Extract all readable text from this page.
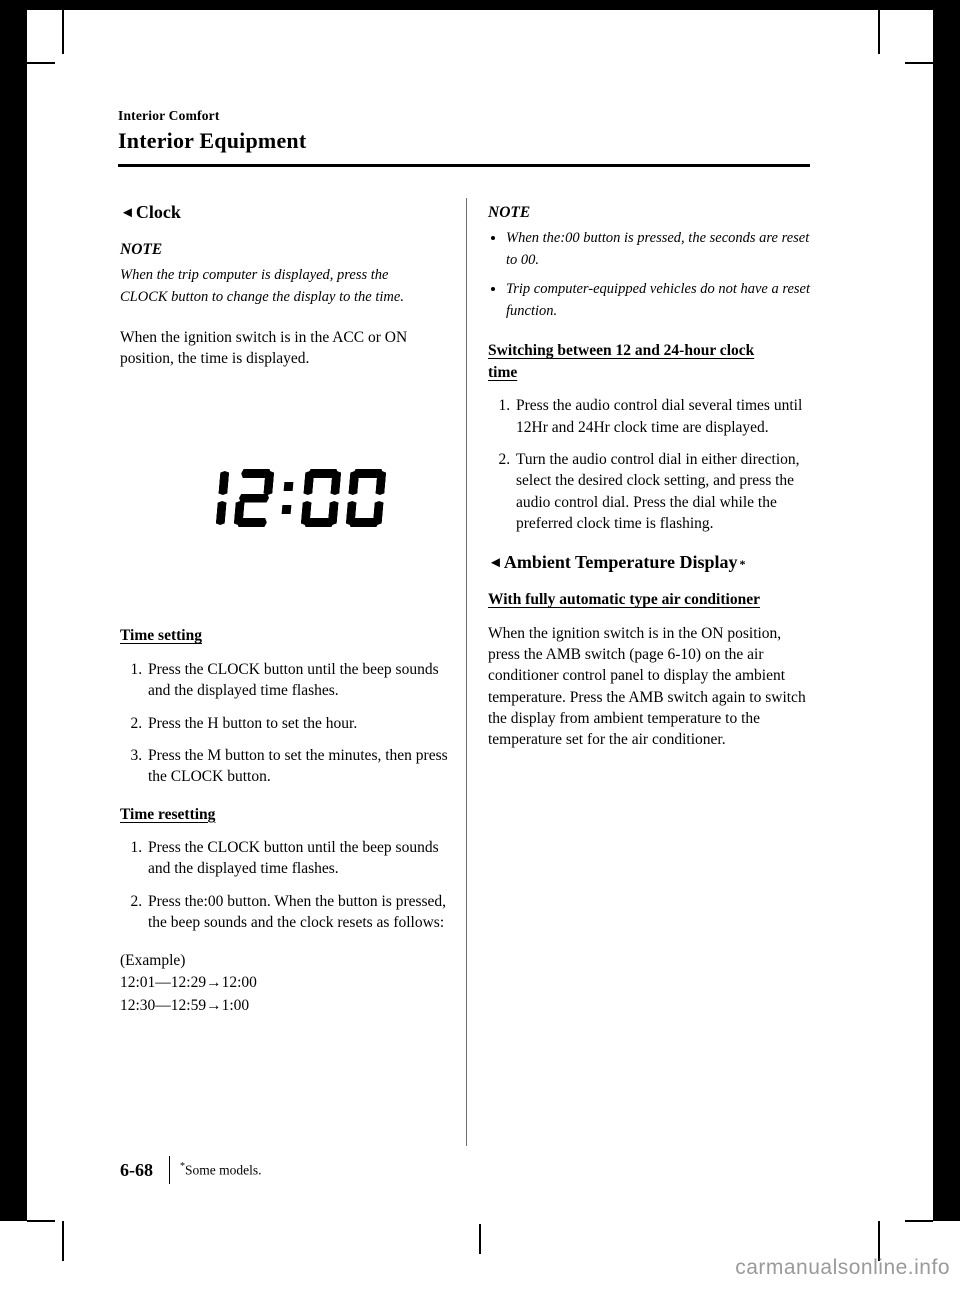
Interior Comfort
Interior Equipment
◄ Clock
NOTE

When the trip computer is displayed, press the CLOCK button to change the display to the time.

When the ignition switch is in the ACC or ON position, the time is displayed.

Time setting
1. Press the CLOCK button until the beep sounds and the displayed time flashes.
2. Press the H button to set the hour.
3. Press the M button to set the minutes, then press the CLOCK button.
Time resetting
1. Press the CLOCK button until the beep sounds and the displayed time flashes.
2. Press the:00 button. When the button is pressed, the beep sounds and the clock resets as follows:
(Example)
12:01—12:29→12:00
12:30—12:59→1:00
NOTE
• When the:00 button is pressed, the seconds are reset to 00.
• Trip computer-equipped vehicles do not have a reset function.
Switching between 12 and 24-hour clock time
1. Press the audio control dial several times until 12Hr and 24Hr clock time are displayed.
2. Turn the audio control dial in either direction, select the desired clock setting, and press the audio control dial. Press the dial while the preferred clock time is flashing.
◄ Ambient Temperature Display *
With fully automatic type air conditioner

When the ignition switch is in the ON position, press the AMB switch (page 6-10) on the air conditioner control panel to display the ambient temperature. Press the AMB switch again to switch the display from ambient temperature to the temperature set for the air conditioner.

6-68	*Some models.
carmanualsonline.info
